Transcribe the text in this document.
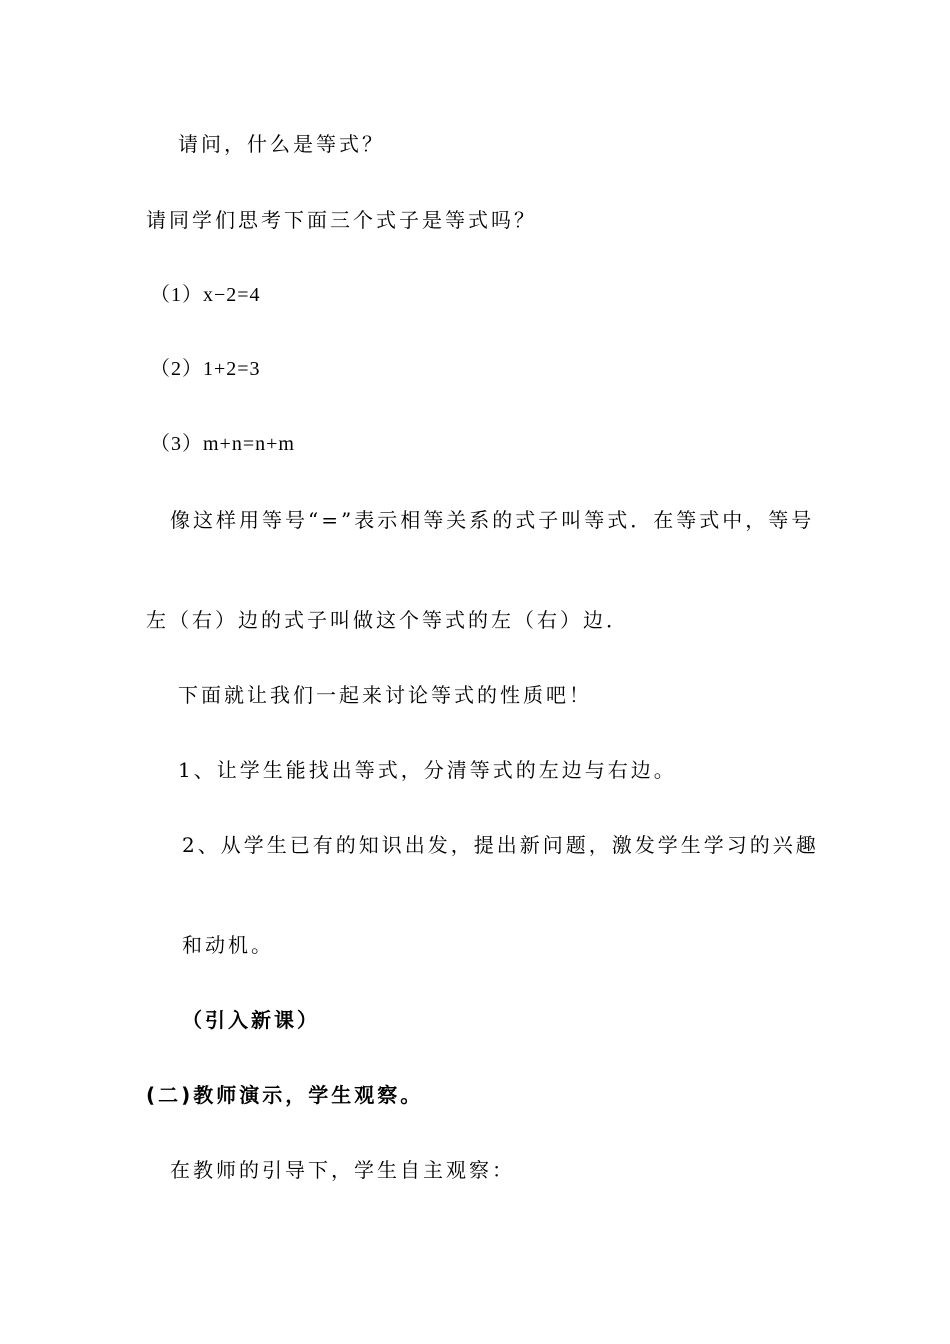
请问，什么是等式？
请同学们思考下面三个式子是等式吗？
（1）x−2=4
（2）1+2=3
（3）m+n=n+m
像这样用等号“=”表示相等关系的式子叫等式．在等式中，等号
左（右）边的式子叫做这个等式的左（右）边．
下面就让我们一起来讨论等式的性质吧！
1、让学生能找出等式，分清等式的左边与右边。
2、从学生已有的知识出发，提出新问题，激发学生学习的兴趣
和动机。
（引入新课）
(二)教师演示，学生观察。
在教师的引导下，学生自主观察：
